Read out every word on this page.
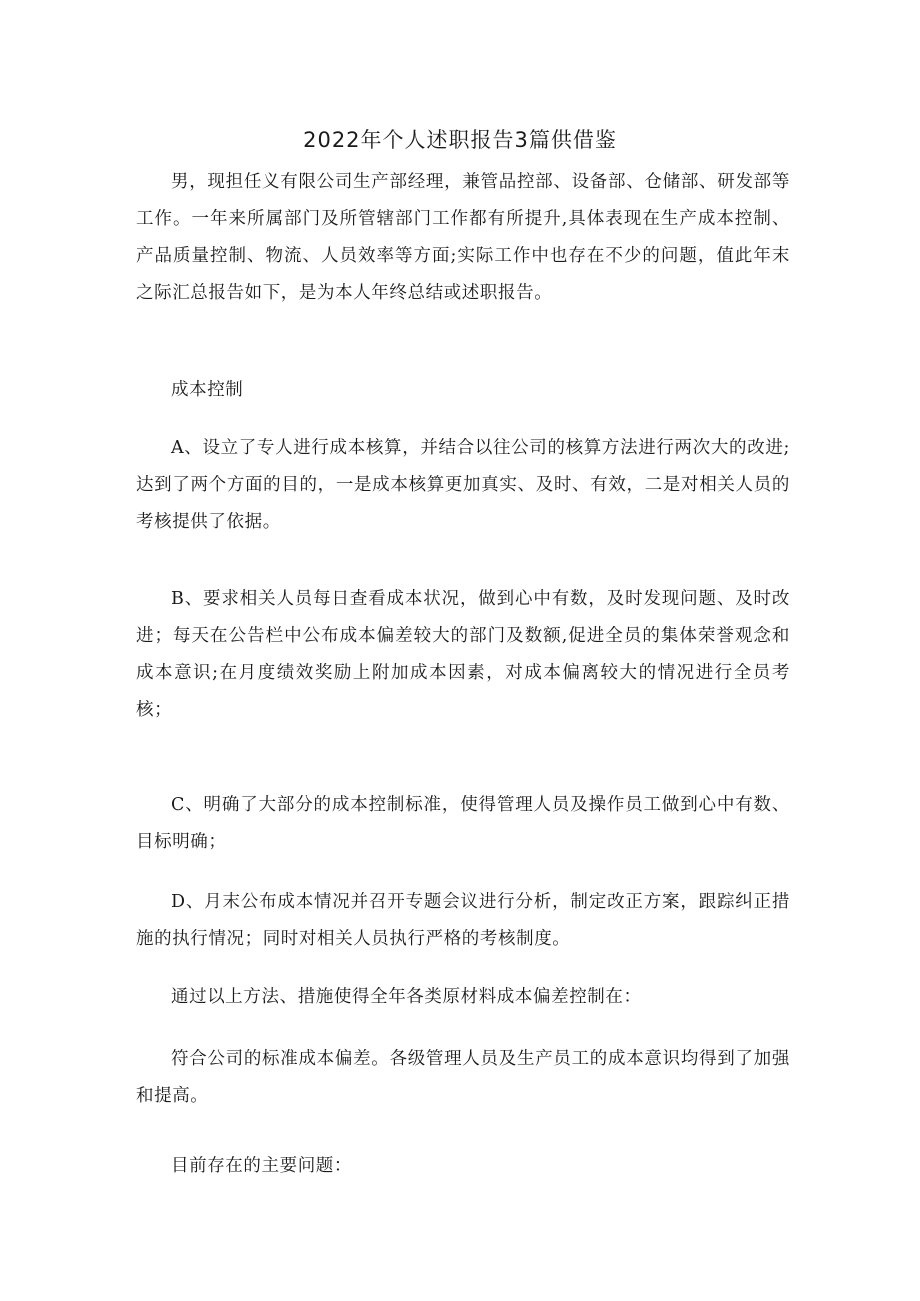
2022年个人述职报告3篇供借鉴

男，现担任义有限公司生产部经理，兼管品控部、设备部、仓储部、研发部等工作。一年来所属部门及所管辖部门工作都有所提升,具体表现在生产成本控制、产品质量控制、物流、人员效率等方面;实际工作中也存在不少的问题，值此年末之际汇总报告如下，是为本人年终总结或述职报告。

成本控制

A、设立了专人进行成本核算，并结合以往公司的核算方法进行两次大的改进;达到了两个方面的目的，一是成本核算更加真实、及时、有效，二是对相关人员的考核提供了依据。

B、要求相关人员每日查看成本状况，做到心中有数，及时发现问题、及时改进；每天在公告栏中公布成本偏差较大的部门及数额,促进全员的集体荣誉观念和成本意识;在月度绩效奖励上附加成本因素，对成本偏离较大的情况进行全员考核；

C、明确了大部分的成本控制标准，使得管理人员及操作员工做到心中有数、目标明确；

D、月末公布成本情况并召开专题会议进行分析，制定改正方案，跟踪纠正措施的执行情况；同时对相关人员执行严格的考核制度。

通过以上方法、措施使得全年各类原材料成本偏差控制在：

符合公司的标准成本偏差。各级管理人员及生产员工的成本意识均得到了加强和提高。

目前存在的主要问题：
